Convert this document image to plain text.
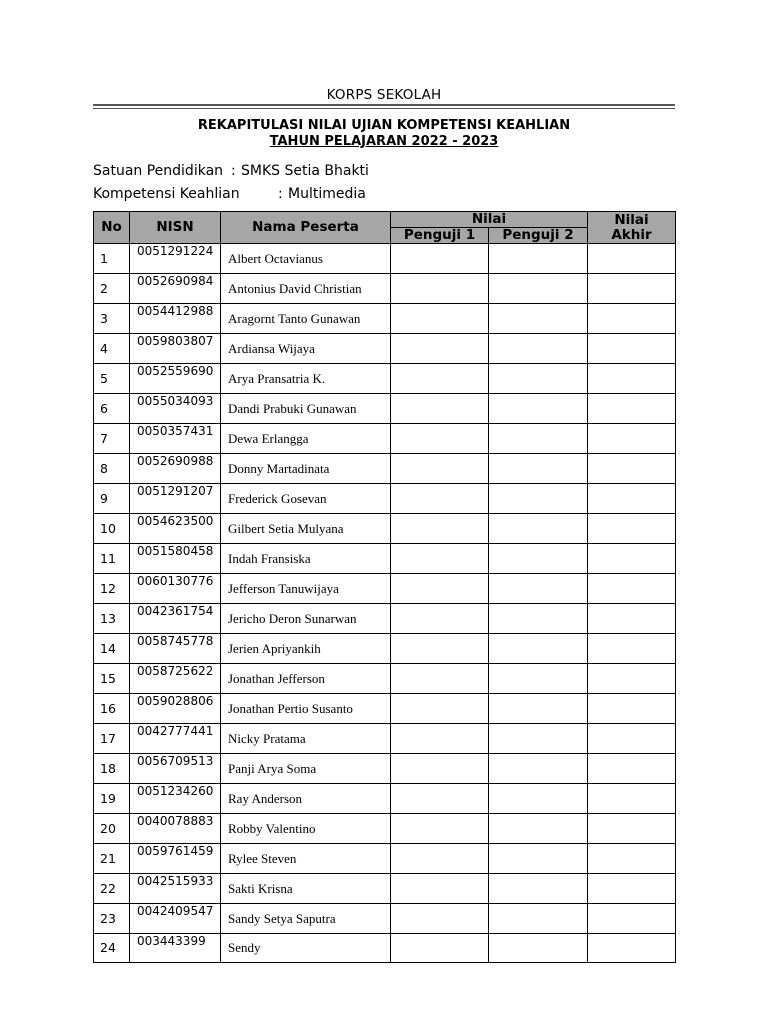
KORPS SEKOLAH
REKAPITULASI NILAI UJIAN KOMPETENSI KEAHLIAN
TAHUN PELAJARAN 2022 - 2023
Satuan Pendidikan : SMKS Setia Bhakti
Kompetensi Keahlian	: Multimedia
No	NISN	Nama Peserta	Nilai		Nilai
Akhir

			Penguji 1	Penguji 2	
1	0051291224	Albert Octavianus			
2	0052690984	Antonius David Christian			
3	0054412988	Aragornt Tanto Gunawan			
4	0059803807	Ardiansa Wijaya			
5	0052559690	Arya Pransatria K.			
6	0055034093	Dandi Prabuki Gunawan			
7	0050357431	Dewa Erlangga			
8	0052690988	Donny Martadinata			
9	0051291207	Frederick Gosevan			
10	0054623500	Gilbert Setia Mulyana			
11	0051580458	Indah Fransiska			
12	0060130776	Jefferson Tanuwijaya			
13	0042361754	Jericho Deron Sunarwan			
14	0058745778	Jerien Apriyankih			
15	0058725622	Jonathan Jefferson			
16	0059028806	Jonathan Pertio Susanto			
17	0042777441	Nicky Pratama			
18	0056709513	Panji Arya Soma			
19	0051234260	Ray Anderson			
20	0040078883	Robby Valentino			
21	0059761459	Rylee Steven			
22	0042515933	Sakti Krisna			
23	0042409547	Sandy Setya Saputra			
24	003443399	Sendy			
